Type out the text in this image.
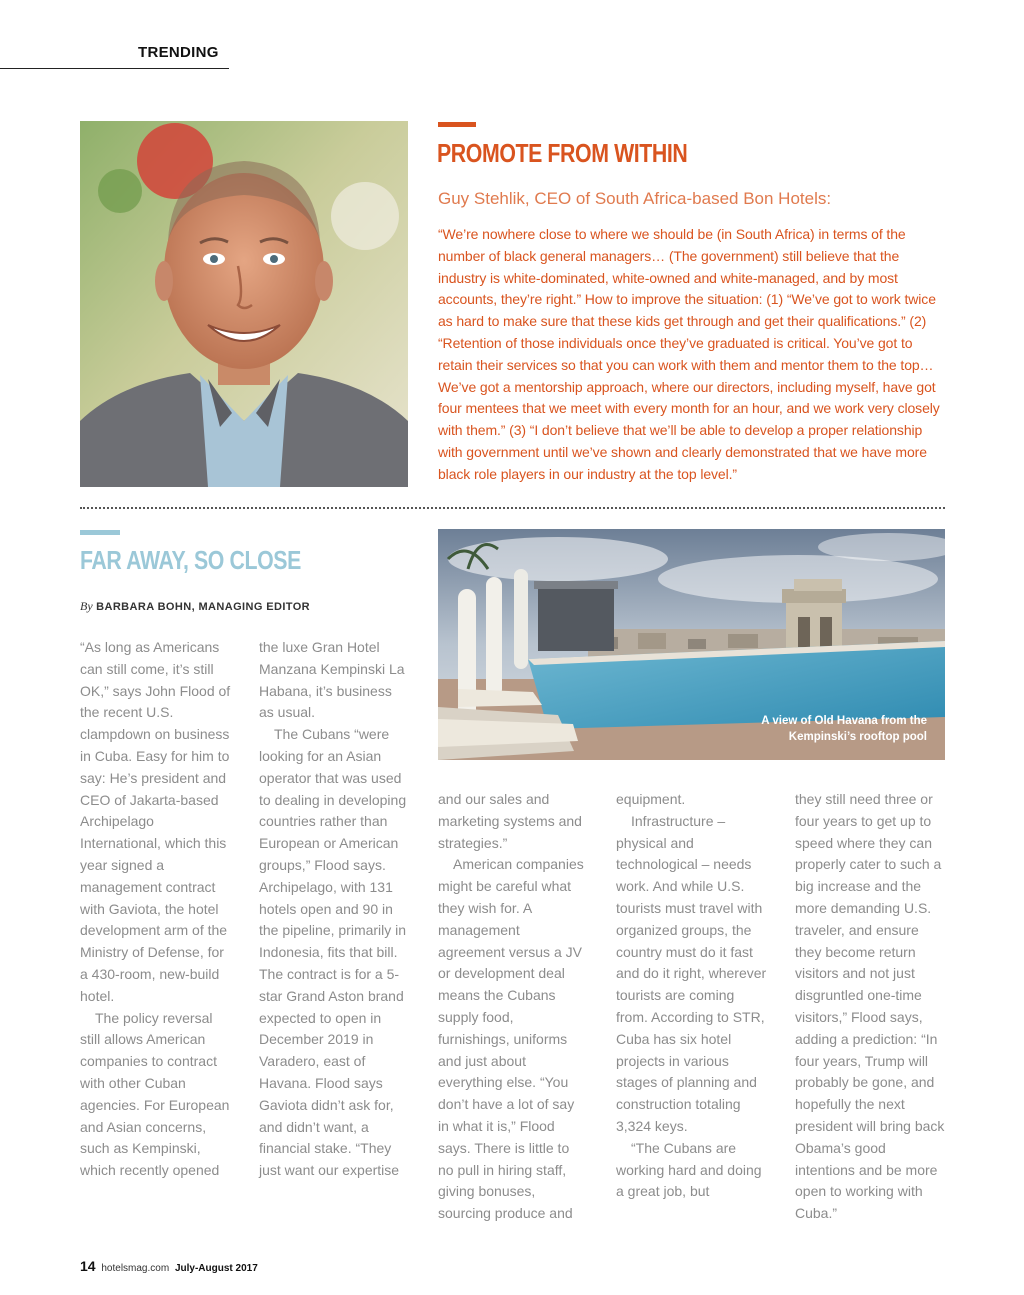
TRENDING
PROMOTE FROM WITHIN
Guy Stehlik, CEO of South Africa-based Bon Hotels:
“We’re nowhere close to where we should be (in South Africa) in terms of the number of black general managers… (The government) still believe that the industry is white-dominated, white-owned and white-managed, and by most accounts, they’re right.” How to improve the situation: (1) “We’ve got to work twice as hard to make sure that these kids get through and get their qualifications.” (2) “Retention of those individuals once they’ve graduated is critical. You’ve got to retain their services so that you can work with them and mentor them to the top… We’ve got a mentorship approach, where our directors, including myself, have got four mentees that we meet with every month for an hour, and we work very closely with them.” (3) “I don’t believe that we’ll be able to develop a proper relationship with government until we’ve shown and clearly demonstrated that we have more black role players in our industry at the top level.”
FAR AWAY, SO CLOSE
By BARBARA BOHN, MANAGING EDITOR
A view of Old Havana from the Kempinski’s rooftop pool

“As long as Americans can still come, it’s still OK,” says John Flood of the recent U.S. clampdown on business in Cuba. Easy for him to say: He’s president and CEO of Jakarta-based Archipelago International, which this year signed a management contract with Gaviota, the hotel development arm of the Ministry of Defense, for a 430-room, new-build hotel.

The policy reversal still allows American companies to contract with other Cuban agencies. For European and Asian concerns, such as Kempinski, which recently opened

the luxe Gran Hotel Manzana Kempinski La Habana, it’s business as usual.

The Cubans “were looking for an Asian operator that was used to dealing in developing countries rather than European or American groups,” Flood says. Archipelago, with 131 hotels open and 90 in the pipeline, primarily in Indonesia, fits that bill. The contract is for a 5-star Grand Aston brand expected to open in December 2019 in Varadero, east of Havana. Flood says Gaviota didn’t ask for, and didn’t want, a financial stake. “They just want our expertise

and our sales and marketing systems and strategies.”

American companies might be careful what they wish for. A management agreement versus a JV or development deal means the Cubans supply food, furnishings, uniforms and just about everything else. “You don’t have a lot of say in what it is,” Flood says. There is little to no pull in hiring staff, giving bonuses, sourcing produce and

equipment.

Infrastructure – physical and technological – needs work. And while U.S. tourists must travel with organized groups, the country must do it fast and do it right, wherever tourists are coming from. According to STR, Cuba has six hotel projects in various stages of planning and construction totaling 3,324 keys.

“The Cubans are working hard and doing a great job, but

they still need three or four years to get up to speed where they can properly cater to such a big increase and the more demanding U.S. traveler, and ensure they become return visitors and not just disgruntled one-time visitors,” Flood says, adding a prediction: “In four years, Trump will probably be gone, and hopefully the next president will bring back Obama’s good intentions and be more open to working with Cuba.”

14 hotelsmag.com July-August 2017
